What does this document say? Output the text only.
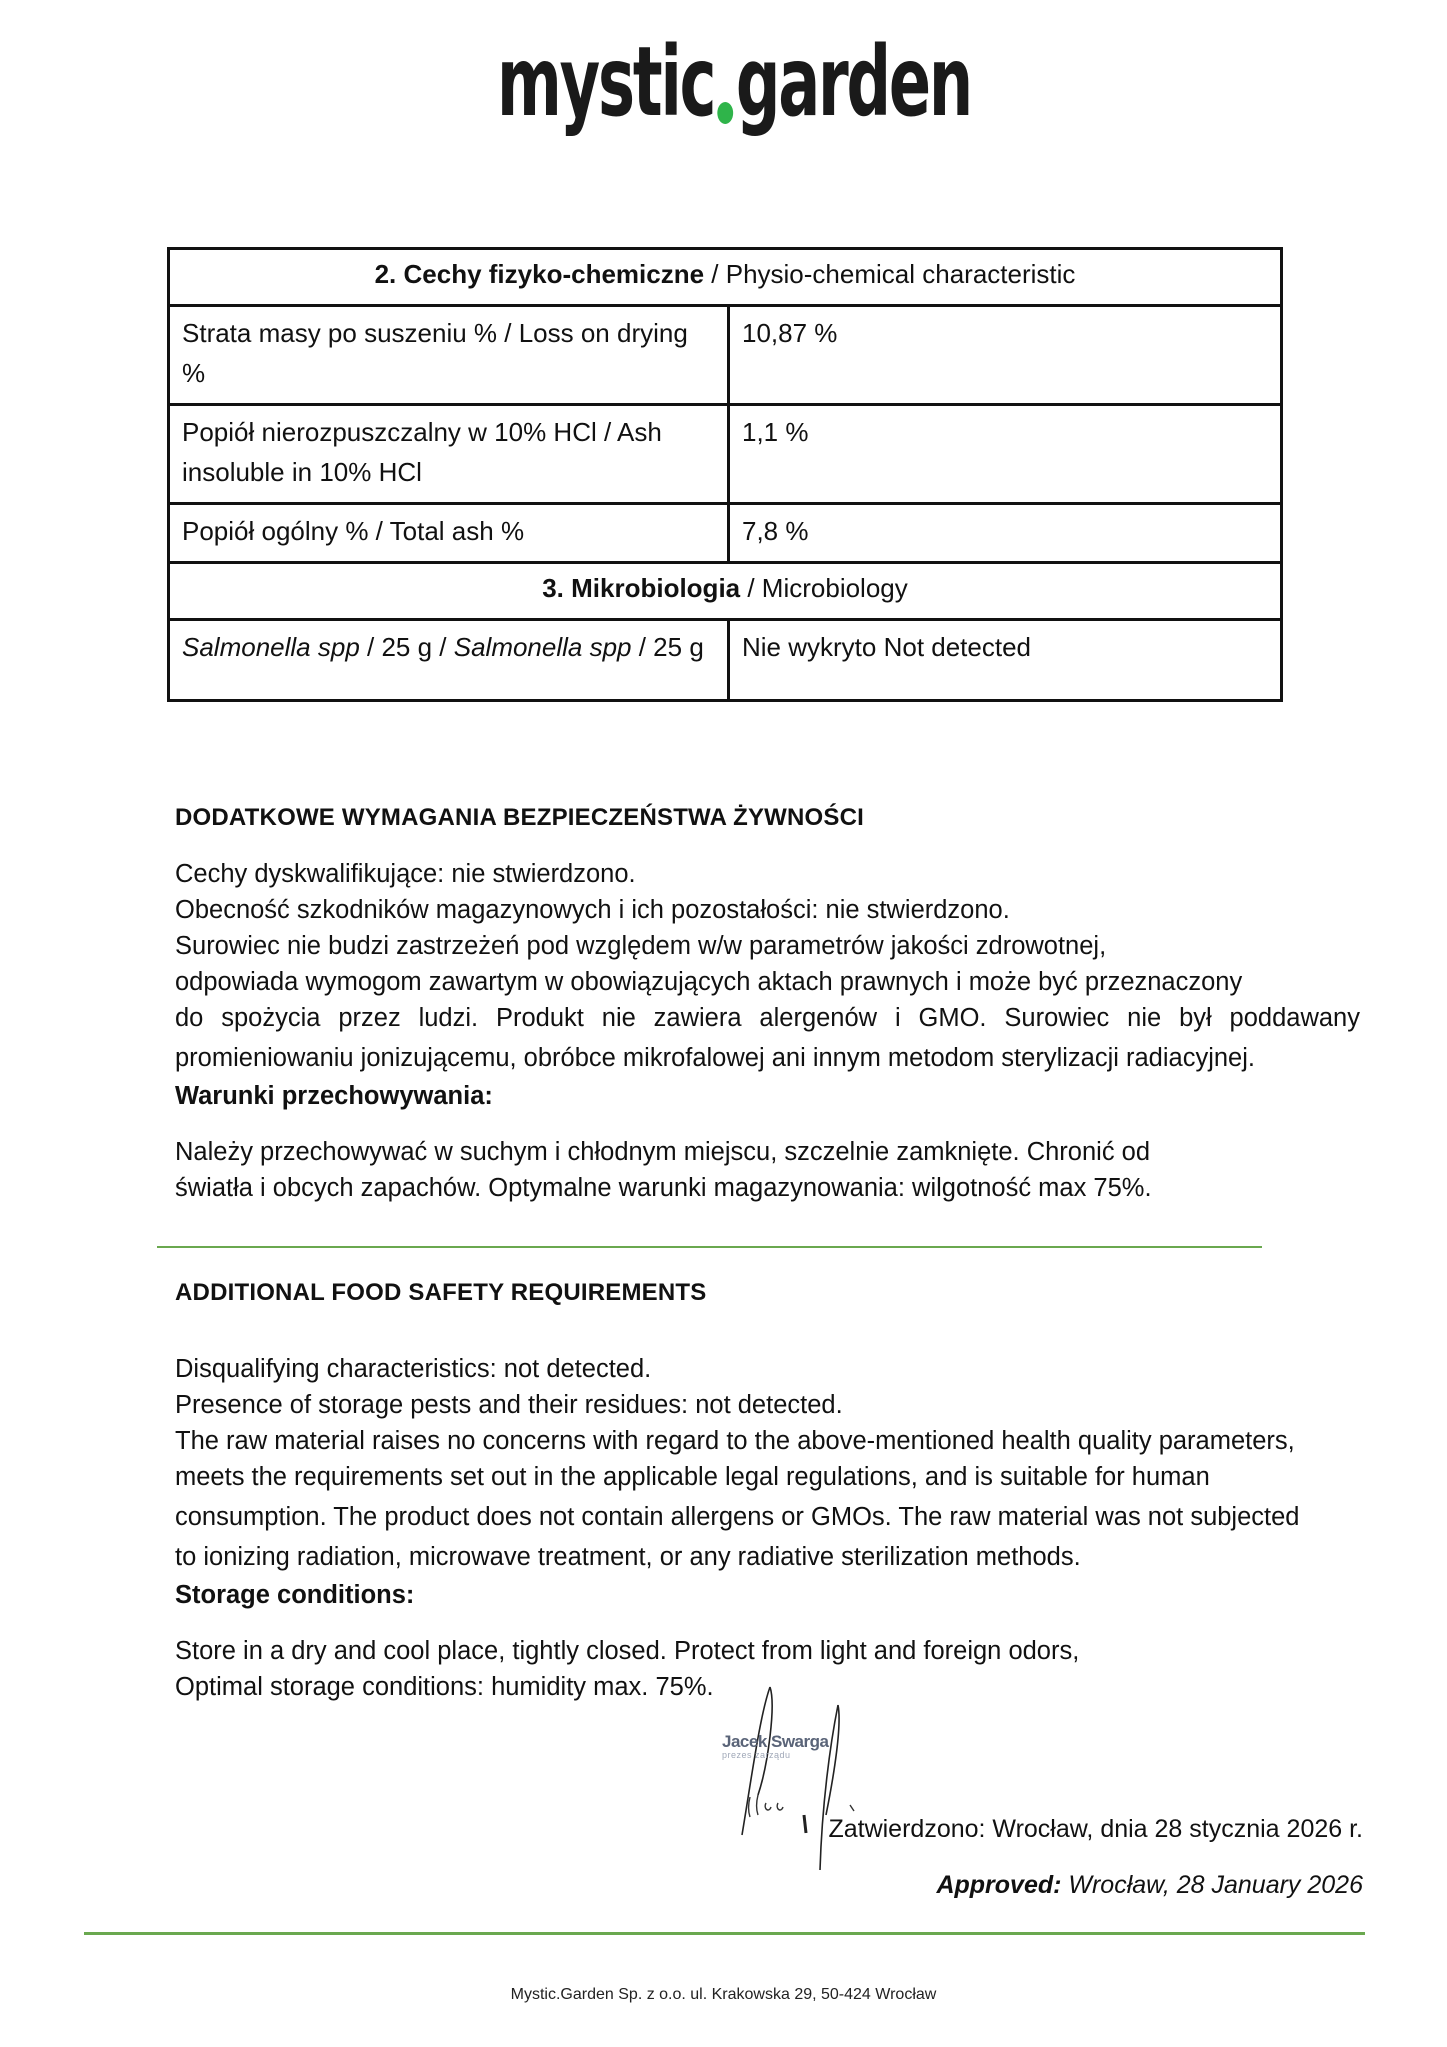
mystic garden
2. Cechy fizyko-chemiczne / Physio-chemical characteristic	
Strata masy po suszeniu % / Loss on drying %	10,87 %
Popiół nierozpuszczalny w 10% HCl / Ash insoluble in 10% HCl	1,1 %
Popiół ogólny % / Total ash %	7,8 %
3. Mikrobiologia / Microbiology	
Salmonella spp / 25 g / Salmonella spp / 25 g	Nie wykryto Not detected
DODATKOWE WYMAGANIA BEZPIECZEŃSTWA ŻYWNOŚCI

Cechy dyskwalifikujące: nie stwierdzono.

Obecność szkodników magazynowych i ich pozostałości: nie stwierdzono.

Surowiec nie budzi zastrzeżeń pod względem w/w parametrów jakości zdrowotnej,

odpowiada wymogom zawartym w obowiązujących aktach prawnych i może być przeznaczony

do spożycia przez ludzi. Produkt nie zawiera alergenów i GMO. Surowiec nie był poddawany

promieniowaniu jonizującemu, obróbce mikrofalowej ani innym metodom sterylizacji radiacyjnej.

Warunki przechowywania:

Należy przechowywać w suchym i chłodnym miejscu, szczelnie zamknięte. Chronić od

światła i obcych zapachów. Optymalne warunki magazynowania: wilgotność max 75%.

ADDITIONAL FOOD SAFETY REQUIREMENTS

Disqualifying characteristics: not detected.

Presence of storage pests and their residues: not detected.

The raw material raises no concerns with regard to the above-mentioned health quality parameters,

meets the requirements set out in the applicable legal regulations, and is suitable for human

consumption. The product does not contain allergens or GMOs. The raw material was not subjected

to ionizing radiation, microwave treatment, or any radiative sterilization methods.

Storage conditions:

Store in a dry and cool place, tightly closed. Protect from light and foreign odors,

Optimal storage conditions: humidity max. 75%.

Jacek Swarga
prezes zarządu
Zatwierdzono: Wrocław, dnia 28 stycznia 2026 r.
Approved: Wrocław, 28 January 2026
Mystic.Garden Sp. z o.o. ul. Krakowska 29, 50-424 Wrocław
